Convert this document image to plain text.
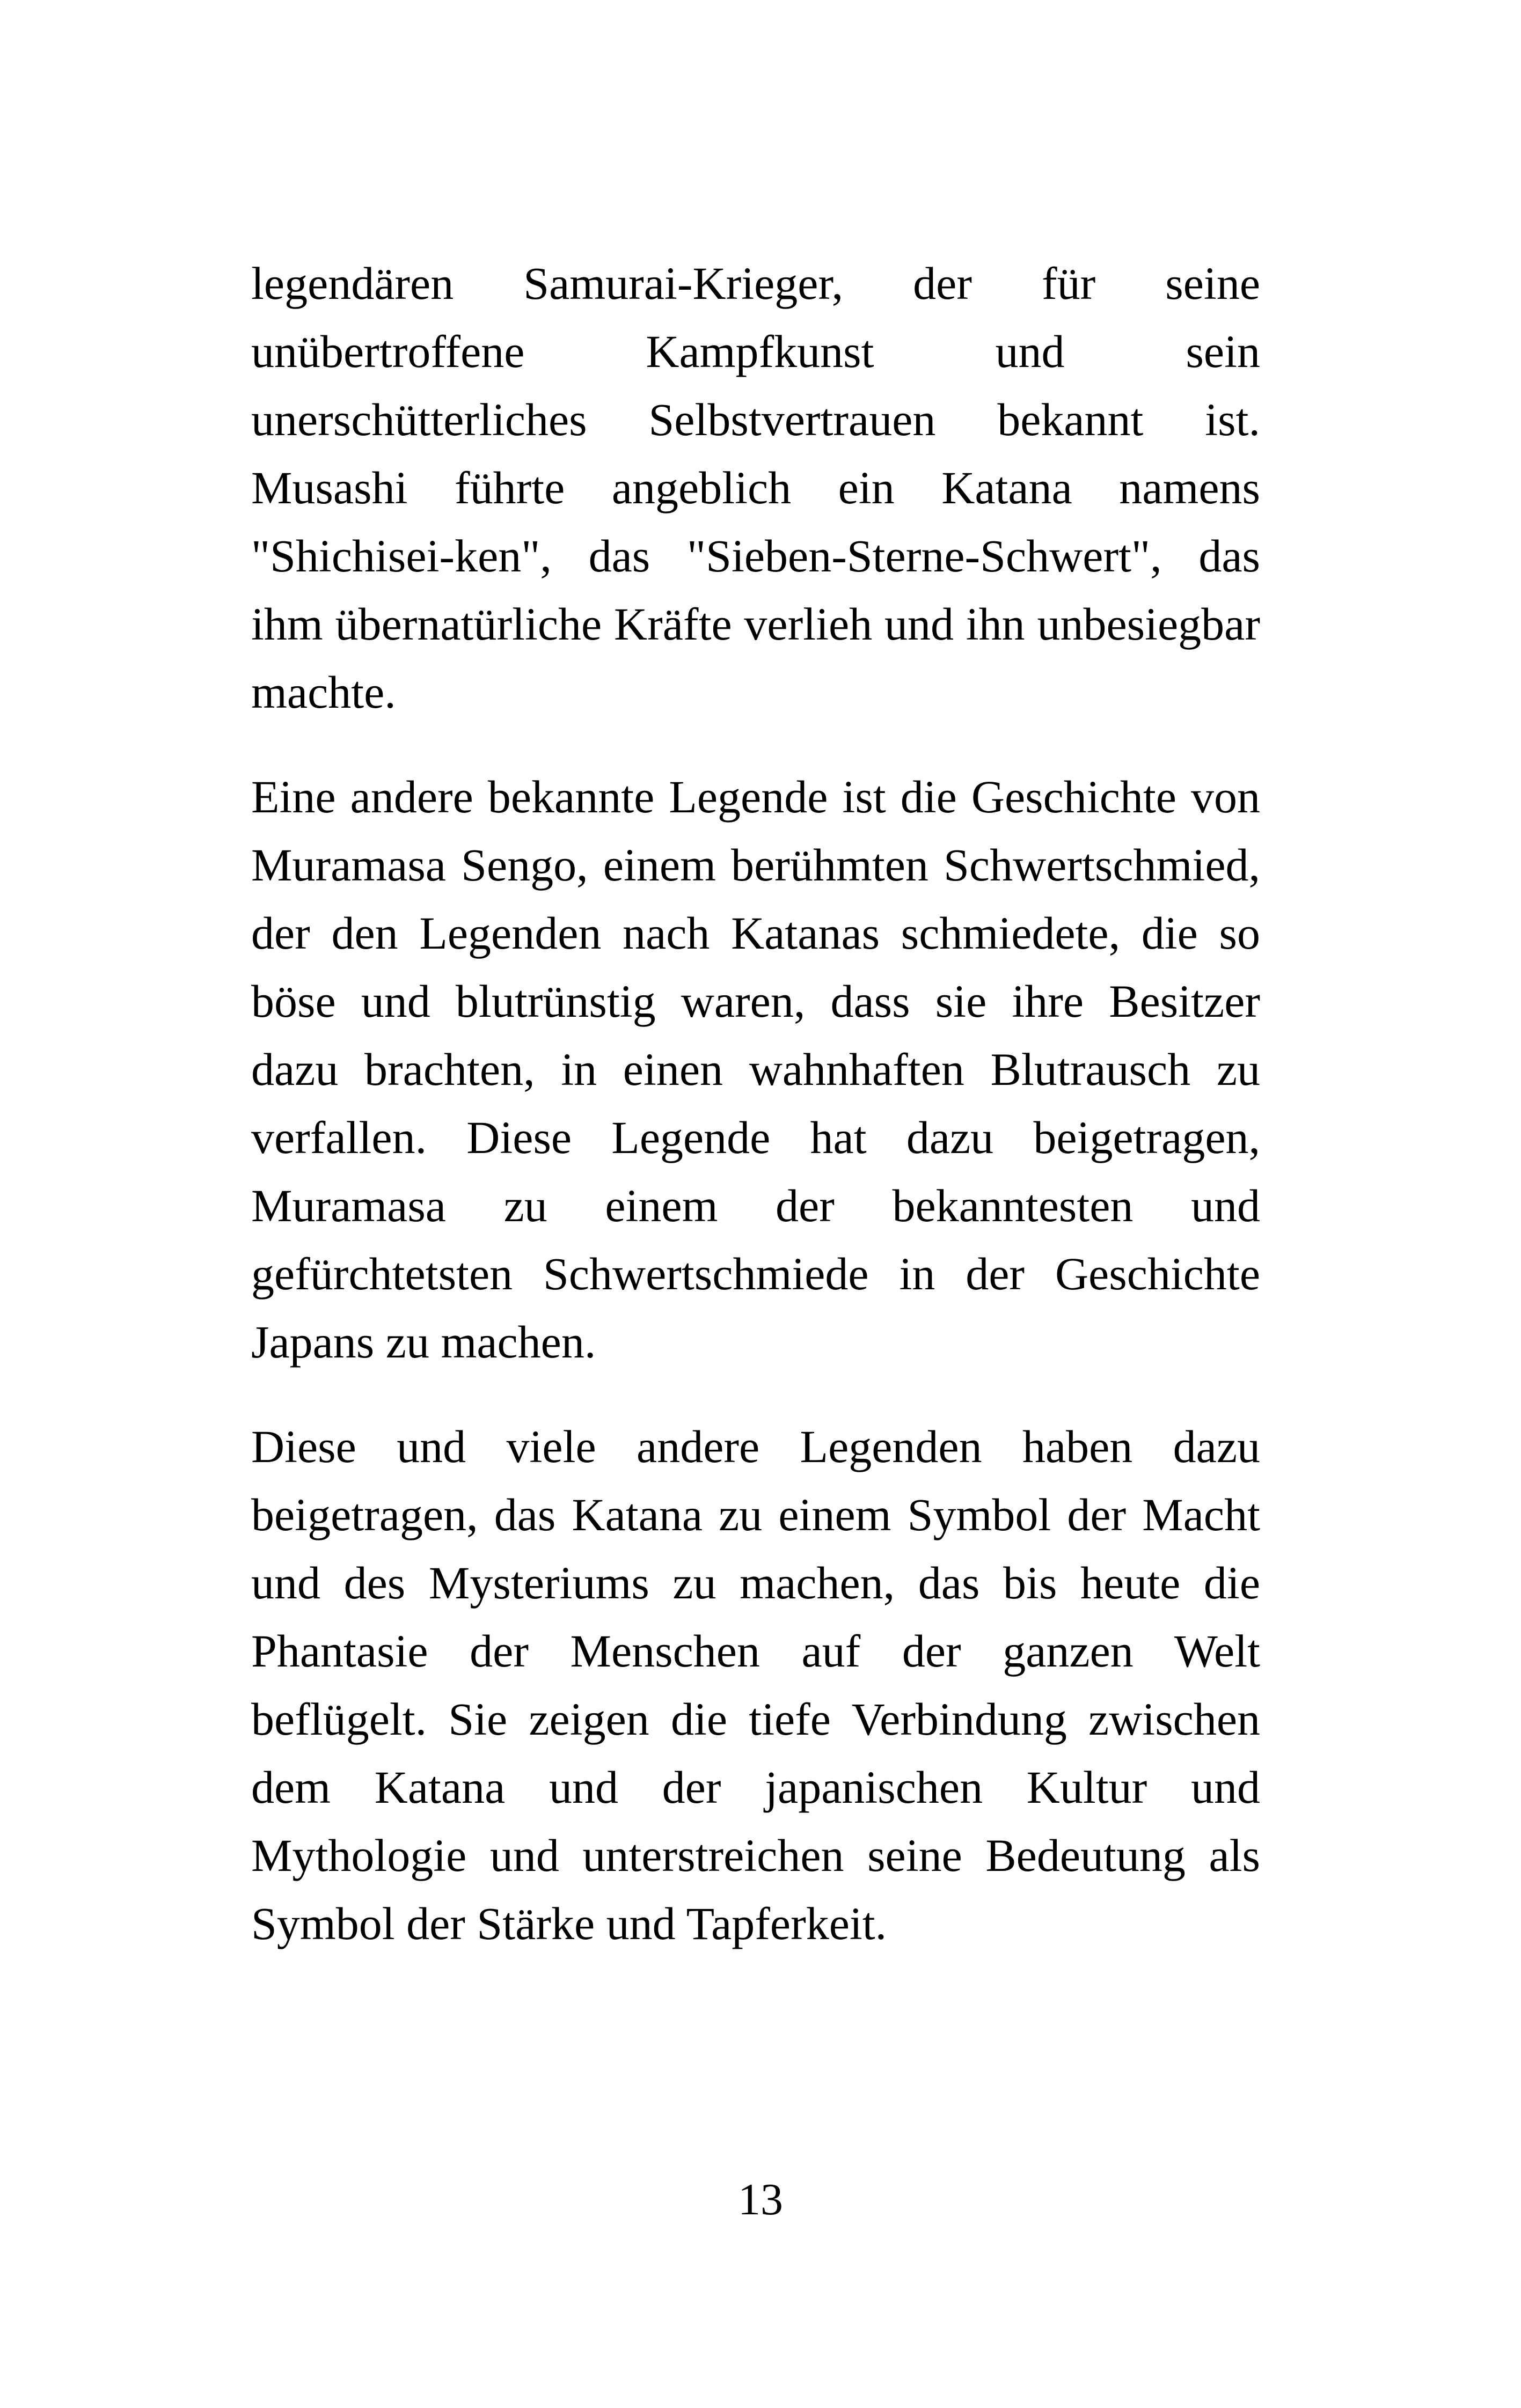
legendären Samurai-Krieger, der für seine unübertroffene Kampfkunst und sein unerschütterliches Selbstvertrauen bekannt ist. Musashi führte angeblich ein Katana namens "Shichisei-ken", das "Sieben-Sterne-Schwert", das ihm übernatürliche Kräfte verlieh und ihn unbesiegbar machte.

Eine andere bekannte Legende ist die Geschichte von Muramasa Sengo, einem berühmten Schwertschmied, der den Legenden nach Katanas schmiedete, die so böse und blutrünstig waren, dass sie ihre Besitzer dazu brachten, in einen wahnhaften Blutrausch zu verfallen. Diese Legende hat dazu beigetragen, Muramasa zu einem der bekanntesten und gefürchtetsten Schwertschmiede in der Geschichte Japans zu machen.

Diese und viele andere Legenden haben dazu beigetragen, das Katana zu einem Symbol der Macht und des Mysteriums zu machen, das bis heute die Phantasie der Menschen auf der ganzen Welt beflügelt. Sie zeigen die tiefe Verbindung zwischen dem Katana und der japanischen Kultur und Mythologie und unterstreichen seine Bedeutung als Symbol der Stärke und Tapferkeit.

13
